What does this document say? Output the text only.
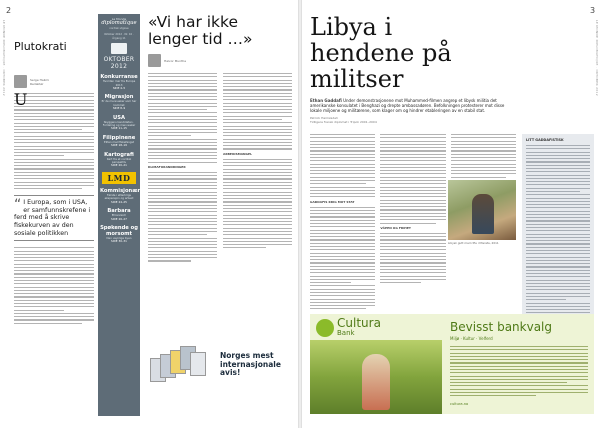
2
LE MONDE DIPLOMATIQUE · OKTOBER 2012 Plutokrati
Serge Halimi
Redaktør
U
“ I Europa, som i USA, er samfunnskrefene i ferd med å skrive fiskekurven av den sosiale politikken
Le Monde
diplomatique
nordisk utgave
Oktober 2012 · Nr. 10 · Årgang 11
OKTOBER 2012
Konkurranse
Hvordan mer fra Europa 2013
SIDE 4–5
Migrasjon
Er de mennesker som har kommet
SIDE 8–9
USA
Skyggens kandidaten · Fordeling og mennesker
SIDE 11–15
Filippinene
Eliten med fiskefangst
SIDE 18–19
Kartografi
Kart fra et nordisk perspektiv
SIDE 20–21
LMD
Kommisjonær
Første i etterkrigs ekspensjon og arbeid
SIDE 24–25
Barbara
Ehrenreich
SIDE 26–27
Spøkende og morsomt
Den usynlige byen
SIDE 30–31
«Vi har ikke lenger tid …»
Halvor Munthe
KLIMAFORANDRINGER
ARBEIDSMANGEL
Norges mest internasjonale avis!
3
LE MONDE DIPLOMATIQUE · OKTOBER 2012
Libya i hendene på militser
Ethan Gaddafi Under demonstrasjonene mot Muhammed-filmen angrep et libysk militia det amerikanske konsulatet i Benghazi og drepte ambassadøren. Befolkningen protesterer mot disse lokale miljoene og militærene, som klager om og hindrer etableringen av en stabil stat.
Patrick Haimzadeh
Tidligere fransk diplomat i Tripoli 2001–2004
GADDAFIS KRIG MOT STAT
VÅPEN OG FRIHET
Libysk gutt med rifle i Misrata, 2011
LITT GADDAFISTISK
Cultura
Bank	Bevisst bankvalg
Miljø · Kultur · Velferd
cultura.no
